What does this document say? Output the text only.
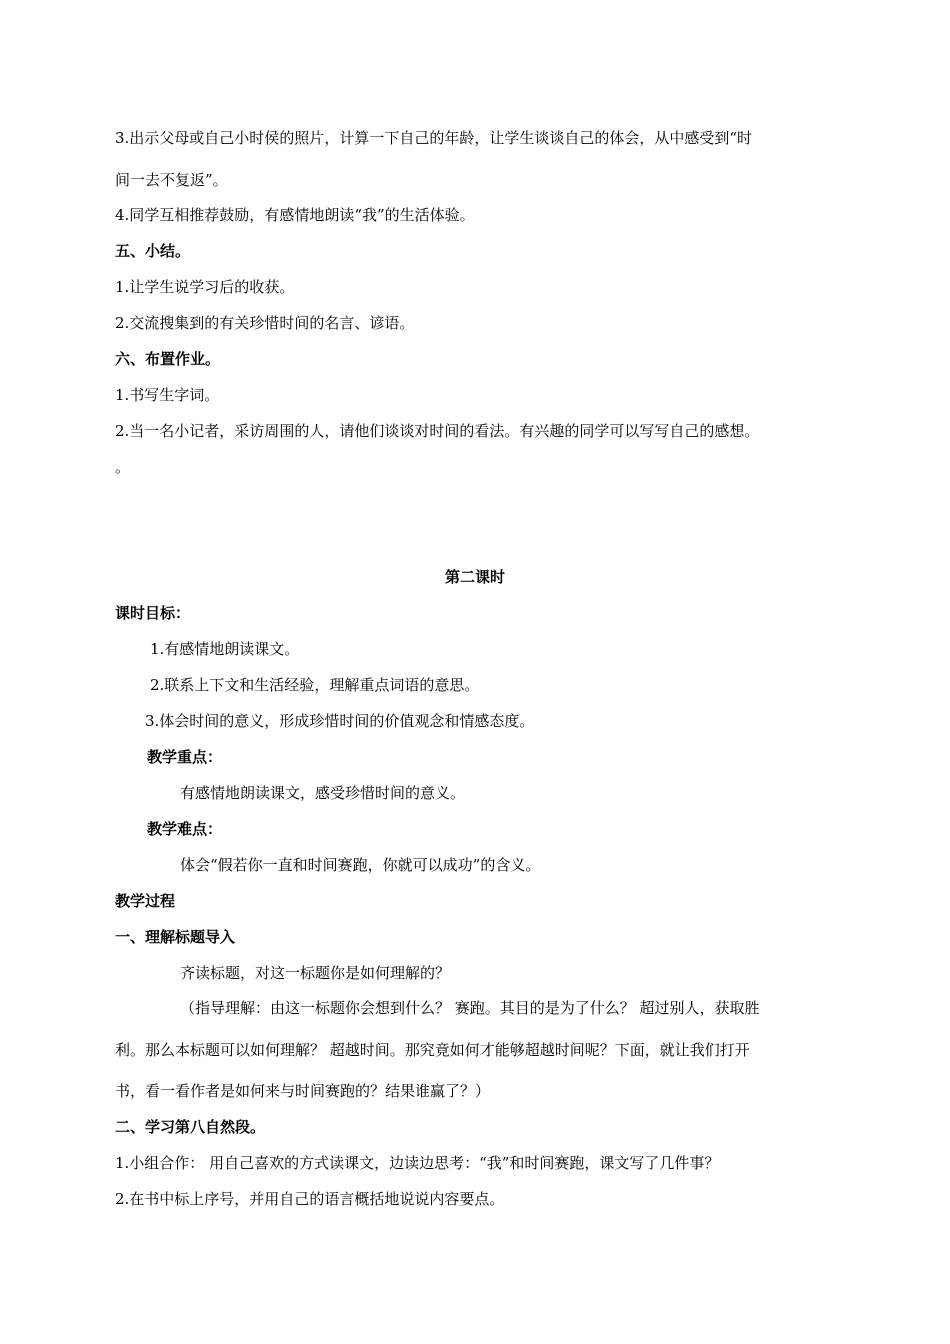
3.出示父母或自己小时侯的照片，计算一下自己的年龄，让学生谈谈自己的体会，从中感受到“时
间一去不复返”。
4.同学互相推荐鼓励，有感情地朗读“我”的生活体验。
五、小结。
1.让学生说学习后的收获。
2.交流搜集到的有关珍惜时间的名言、谚语。
六、布置作业。
1.书写生字词。
2.当一名小记者，采访周围的人，请他们谈谈对时间的看法。有兴趣的同学可以写写自己的感想。
。
第二课时
课时目标：
1.有感情地朗读课文。
2.联系上下文和生活经验，理解重点词语的意思。
3.体会时间的意义，形成珍惜时间的价值观念和情感态度。
教学重点：
有感情地朗读课文，感受珍惜时间的意义。
教学难点：
体会“假若你一直和时间赛跑，你就可以成功”的含义。
教学过程
一、理解标题导入
齐读标题，对这一标题你是如何理解的？
（指导理解：由这一标题你会想到什么？ 赛跑。其目的是为了什么？ 超过别人，获取胜
利。那么本标题可以如何理解？ 超越时间。那究竟如何才能够超越时间呢？下面，就让我们打开
书，看一看作者是如何来与时间赛跑的？结果谁赢了？）
二、学习第八自然段。
1.小组合作： 用自己喜欢的方式读课文，边读边思考：“我”和时间赛跑，课文写了几件事？
2.在书中标上序号，并用自己的语言概括地说说内容要点。
